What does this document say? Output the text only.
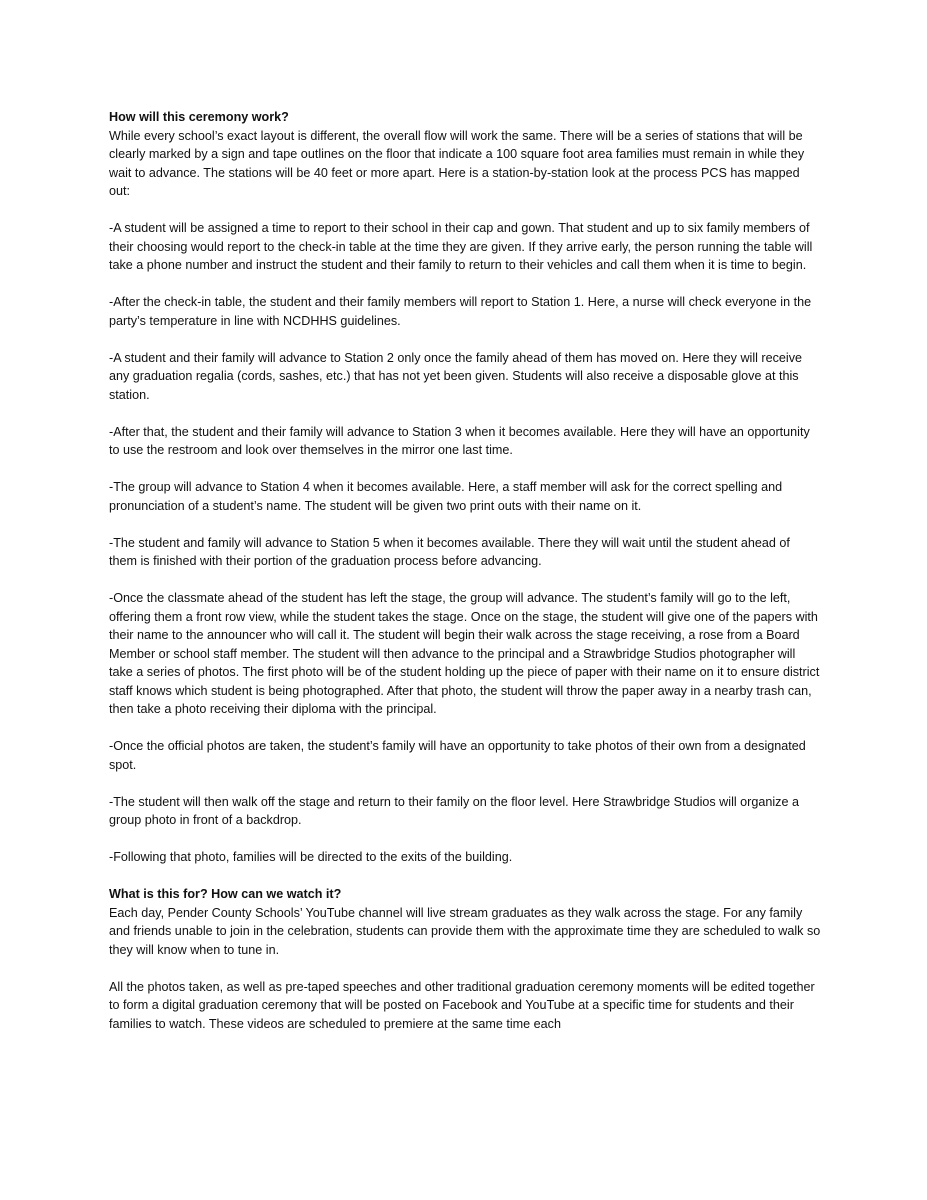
How will this ceremony work?

While every school’s exact layout is different, the overall flow will work the same. There will be a series of stations that will be clearly marked by a sign and tape outlines on the floor that indicate a 100 square foot area families must remain in while they wait to advance. The stations will be 40 feet or more apart. Here is a station-by-station look at the process PCS has mapped out:

-A student will be assigned a time to report to their school in their cap and gown. That student and up to six family members of their choosing would report to the check-in table at the time they are given. If they arrive early, the person running the table will take a phone number and instruct the student and their family to return to their vehicles and call them when it is time to begin.

-After the check-in table, the student and their family members will report to Station 1. Here, a nurse will check everyone in the party’s temperature in line with NCDHHS guidelines.

-A student and their family will advance to Station 2 only once the family ahead of them has moved on. Here they will receive any graduation regalia (cords, sashes, etc.) that has not yet been given. Students will also receive a disposable glove at this station.

-After that, the student and their family will advance to Station 3 when it becomes available. Here they will have an opportunity to use the restroom and look over themselves in the mirror one last time.

-The group will advance to Station 4 when it becomes available. Here, a staff member will ask for the correct spelling and pronunciation of a student’s name. The student will be given two print outs with their name on it.

-The student and family will advance to Station 5 when it becomes available. There they will wait until the student ahead of them is finished with their portion of the graduation process before advancing.

-Once the classmate ahead of the student has left the stage, the group will advance. The student’s family will go to the left, offering them a front row view, while the student takes the stage. Once on the stage, the student will give one of the papers with their name to the announcer who will call it. The student will begin their walk across the stage receiving, a rose from a Board Member or school staff member. The student will then advance to the principal and a Strawbridge Studios photographer will take a series of photos. The first photo will be of the student holding up the piece of paper with their name on it to ensure district staff knows which student is being photographed. After that photo, the student will throw the paper away in a nearby trash can, then take a photo receiving their diploma with the principal.

-Once the official photos are taken, the student’s family will have an opportunity to take photos of their own from a designated spot.

-The student will then walk off the stage and return to their family on the floor level. Here Strawbridge Studios will organize a group photo in front of a backdrop.

-Following that photo, families will be directed to the exits of the building.

What is this for? How can we watch it?

Each day, Pender County Schools’ YouTube channel will live stream graduates as they walk across the stage. For any family and friends unable to join in the celebration, students can provide them with the approximate time they are scheduled to walk so they will know when to tune in.

All the photos taken, as well as pre-taped speeches and other traditional graduation ceremony moments will be edited together to form a digital graduation ceremony that will be posted on Facebook and YouTube at a specific time for students and their families to watch. These videos are scheduled to premiere at the same time each
